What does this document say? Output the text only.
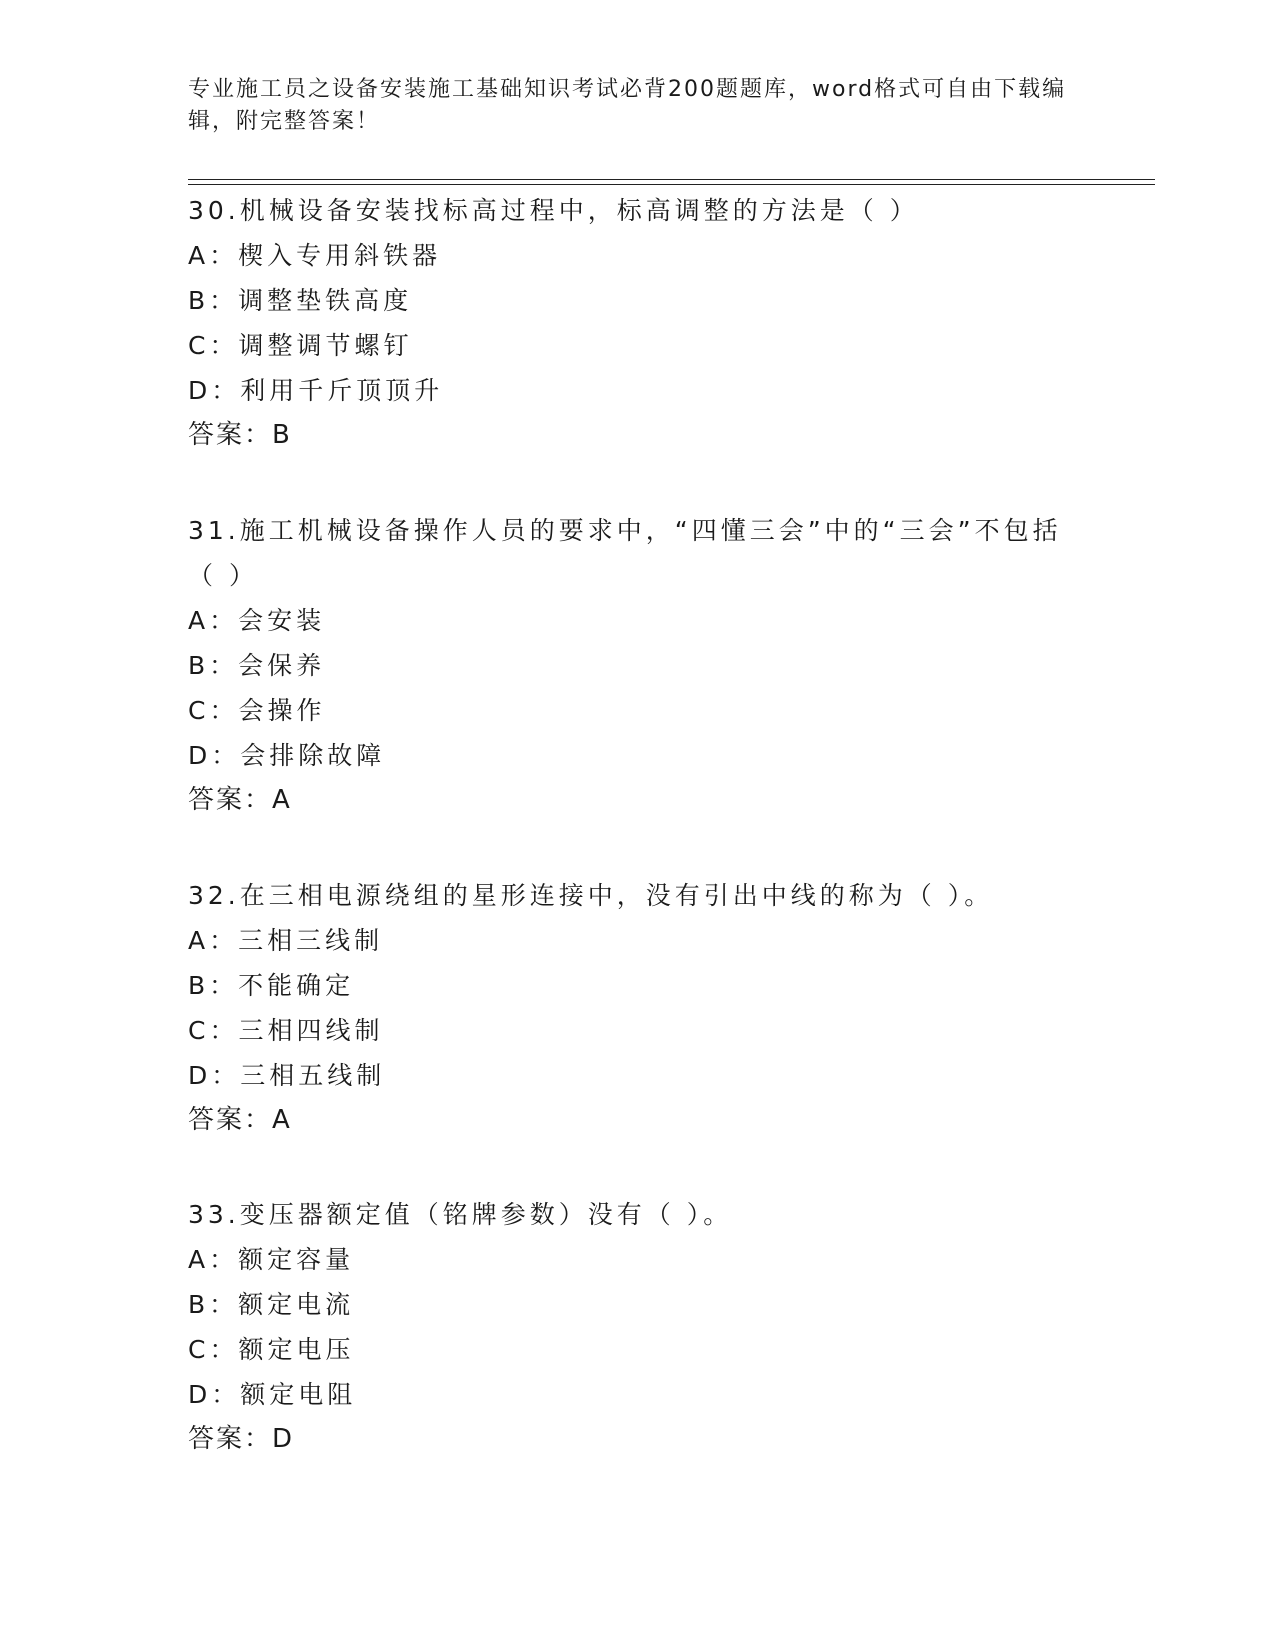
专业施工员之设备安装施工基础知识考试必背200题题库，word格式可自由下载编辑，附完整答案！
30.机械设备安装找标高过程中，标高调整的方法是（ ）
A：楔入专用斜铁器
B：调整垫铁高度
C：调整调节螺钉
D：利用千斤顶顶升
答案：B
31.施工机械设备操作人员的要求中，“四懂三会”中的“三会”不包括（ ）
A：会安装
B：会保养
C：会操作
D：会排除故障
答案：A
32.在三相电源绕组的星形连接中，没有引出中线的称为（ ）。
A：三相三线制
B：不能确定
C：三相四线制
D：三相五线制
答案：A
33.变压器额定值（铭牌参数）没有（ ）。
A：额定容量
B：额定电流
C：额定电压
D：额定电阻
答案：D
